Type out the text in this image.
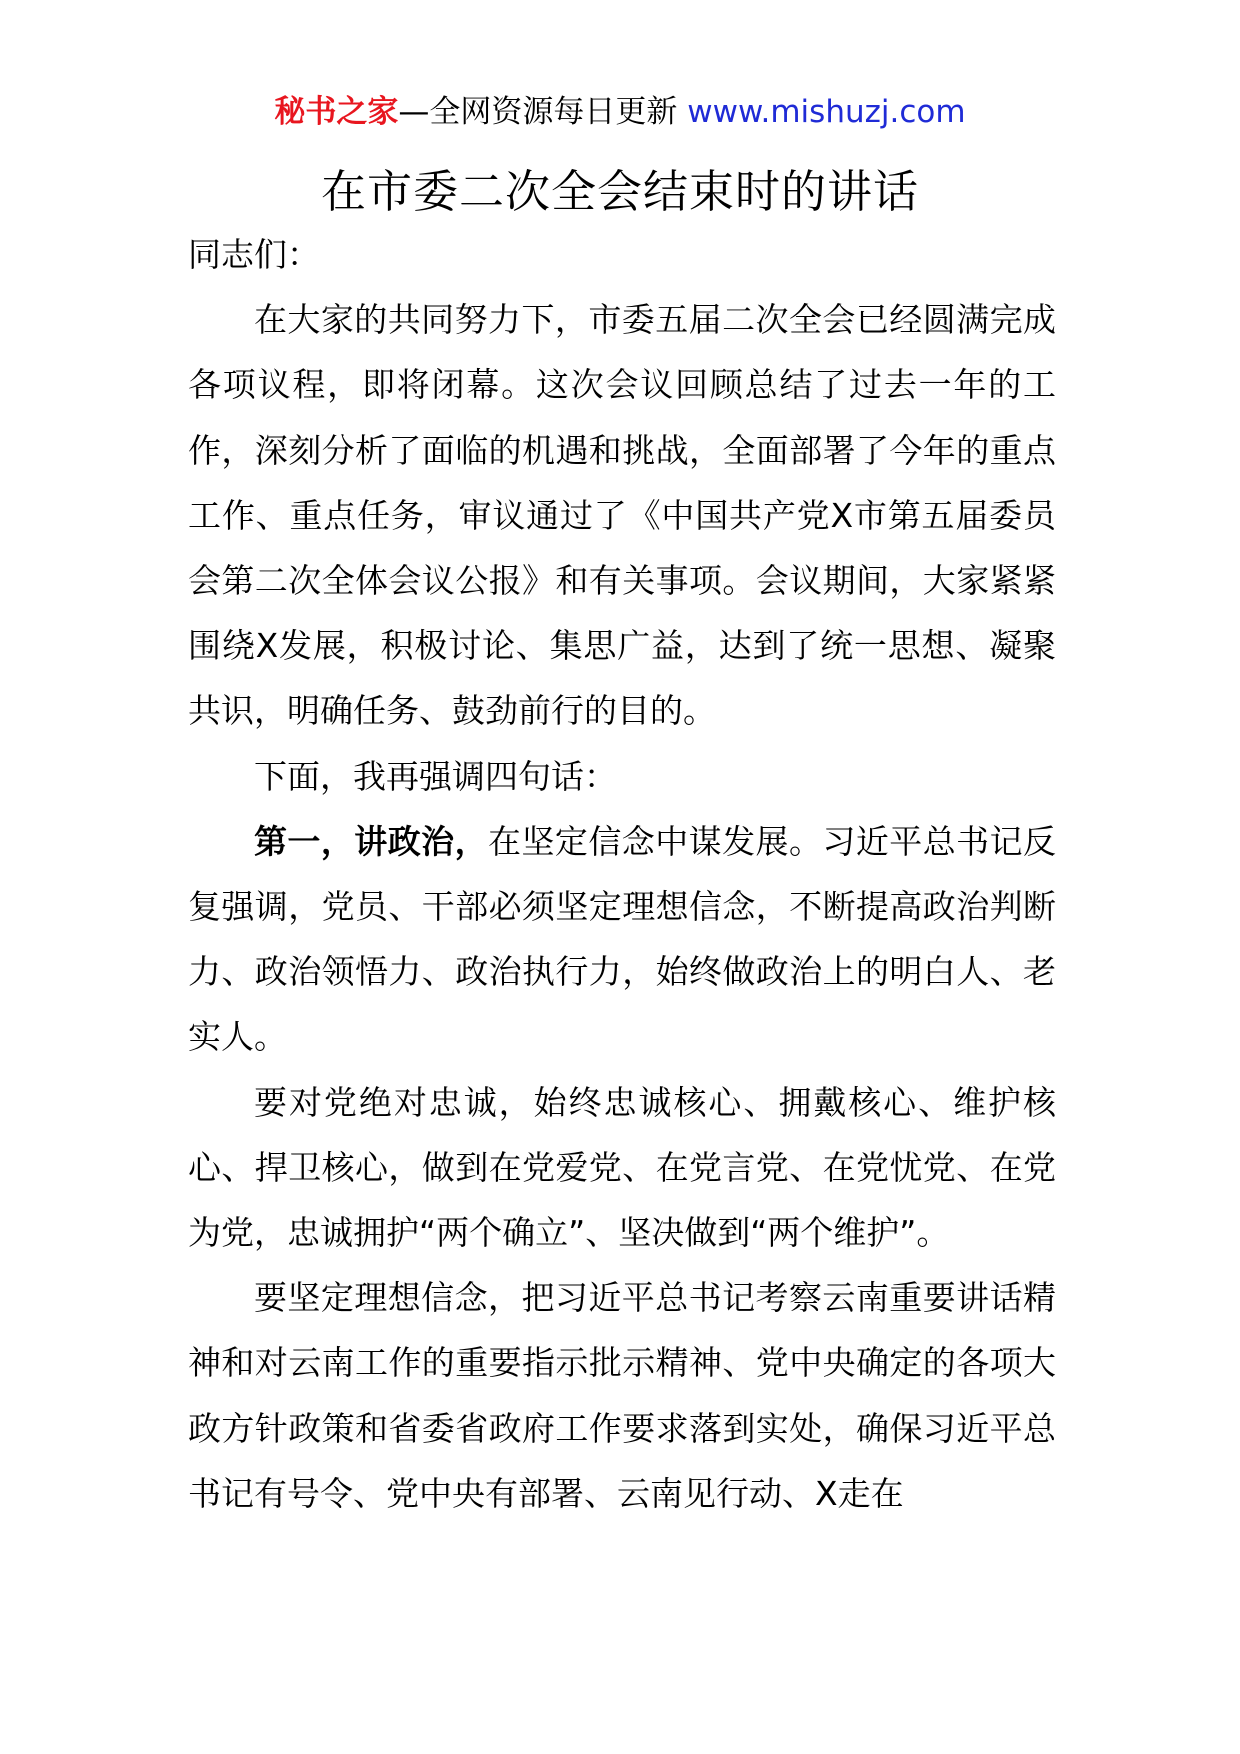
秘书之家—全网资源每日更新 www.mishuzj.com
在市委二次全会结束时的讲话

同志们：

在大家的共同努力下，市委五届二次全会已经圆满完成各项议程，即将闭幕。这次会议回顾总结了过去一年的工作，深刻分析了面临的机遇和挑战，全面部署了今年的重点工作、重点任务，审议通过了《中国共产党X市第五届委员会第二次全体会议公报》和有关事项。会议期间，大家紧紧围绕X发展，积极讨论、集思广益，达到了统一思想、凝聚共识，明确任务、鼓劲前行的目的。

下面，我再强调四句话：

第一，讲政治，在坚定信念中谋发展。习近平总书记反复强调，党员、干部必须坚定理想信念，不断提高政治判断力、政治领悟力、政治执行力，始终做政治上的明白人、老实人。

要对党绝对忠诚，始终忠诚核心、拥戴核心、维护核心、捍卫核心，做到在党爱党、在党言党、在党忧党、在党为党，忠诚拥护“两个确立”、坚决做到“两个维护”。

要坚定理想信念，把习近平总书记考察云南重要讲话精神和对云南工作的重要指示批示精神、党中央确定的各项大政方针政策和省委省政府工作要求落到实处，确保习近平总书记有号令、党中央有部署、云南见行动、X走在
